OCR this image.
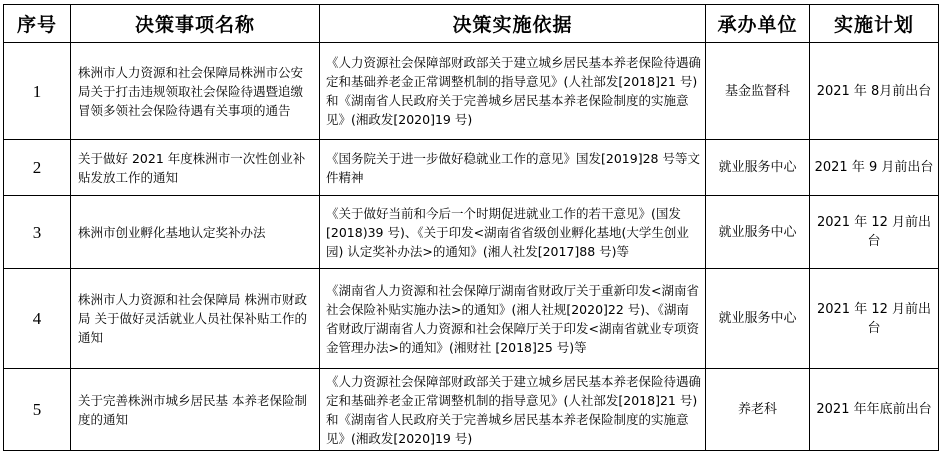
序号	决策事项名称	决策实施依据	承办单位	实施计划
1	株洲市人力资源和社会保障局株洲市公安局关于打击违规领取社会保险待遇暨追缴冒领多领社会保险待遇有关事项的通告	《人力资源社会保障部财政部关于建立城乡居民基本养老保险待遇确定和基础养老金正常调整机制的指导意见》(人社部发[2018]21 号)和《湖南省人民政府关于完善城乡居民基本养老保险制度的实施意见》(湘政发[2020]19 号)	基金监督科	2021 年 8月前出台
2	关于做好 2021 年度株洲市一次性创业补贴发放工作的通知	《国务院关于进一步做好稳就业工作的意见》国发[2019]28 号等文件精神	就业服务中心	2021 年 9 月前出台
3	株洲市创业孵化基地认定奖补办法	《关于做好当前和今后一个时期促进就业工作的若干意见》(国发[2018)39 号)、《关于印发<湖南省省级创业孵化基地(大学生创业园) 认定奖补办法>的通知》(湘人社发[2017]88 号)等	就业服务中心	2021 年 12 月前出台
4	株洲市人力资源和社会保障局 株洲市财政局 关于做好灵活就业人员社保补贴工作的通知	《湖南省人力资源和社会保障厅湖南省财政厅关于重新印发<湖南省社会保险补贴实施办法>的通知》(湘人社规[2020]22 号)、《湖南省财政厅湖南省人力资源和社会保障厅关于印发<湖南省就业专项资金管理办法>的通知》(湘财社 [2018]25 号)等	就业服务中心	2021 年 12 月前出台
5	关于完善株洲市城乡居民基 本养老保险制度的通知	《人力资源社会保障部财政部关于建立城乡居民基本养老保险待遇确定和基础养老金正常调整机制的指导意见》(人社部发[2018]21 号)和《湖南省人民政府关于完善城乡居民基本养老保险制度的实施意见》(湘政发[2020]19 号)	养老科	2021 年年底前出台
